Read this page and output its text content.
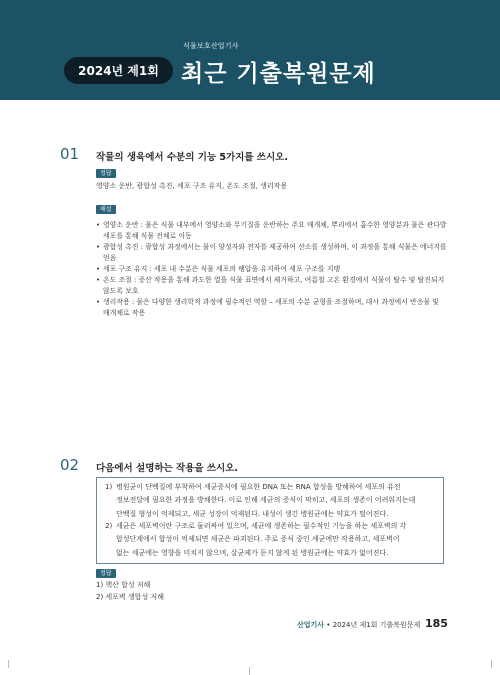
식물보호산업기사
2024년 제1회 최근 기출복원문제
01 작물의 생육에서 수분의 기능 5가지를 쓰시오.
정답
영양소 운반, 광합성 촉진, 세포 구조 유지, 온도 조절, 생리작용
해설
• 영양소 운반 : 물은 식물 내부에서 영양소와 무기질을 운반하는 주요 매개체, 뿌리에서 흡수한 영양분과 물은 관다발
세포를 통해 식물 전체로 이동
• 광합성 촉진 : 광합성 과정에서는 물이 양성자와 전자를 제공하여 산소를 생성하며, 이 과정을 통해 식물은 에너지를
얻음
• 세포 구조 유지 : 세포 내 수분은 식물 세포의 팽압을 유지하여 세포 구조를 지탱
• 온도 조절 : 증산 작용을 통해 과도한 열을 식물 표면에서 제거하고, 여름철 고온 환경에서 식물이 탈수 및 탈진되지
않도록 보호
• 생리작용 : 물은 다양한 생리학적 과정에 필수적인 역할 – 세포의 수분 균형을 조절하며, 대사 과정에서 반응물 및
매개체로 작용
02 다음에서 설명하는 작용을 쓰시오.
1) 병원균이 단백질에 부착하여 세균증식에 필요한 DNA 또는 RNA 합성을 방해하여 세포의 유전
정보전달에 필요한 과정을 방해한다. 이로 인해 세균의 증식이 막히고, 세포의 생존이 어려워지는데
단백질 형성이 억제되고, 세균 성장이 억제된다. 내성이 생긴 병원균에는 약효가 떨어진다.
2) 세균은 세포벽이란 구조로 둘러싸여 있으며, 세균에 생존하는 필수적인 기능을 하는 세포벽의 각
합성단계에서 합성이 억제되면 세균은 파괴된다. 주로 증식 중인 세균에만 작용하고, 세포벽이
없는 세균에는 영향을 미치지 않으며, 살균제가 듣지 않게 된 병원균에는 약효가 없어진다.
정답
1) 핵산 합성 저해
2) 세포벽 생합성 저해
산업기사 • 2024년 제1회 기출복원문제 185
